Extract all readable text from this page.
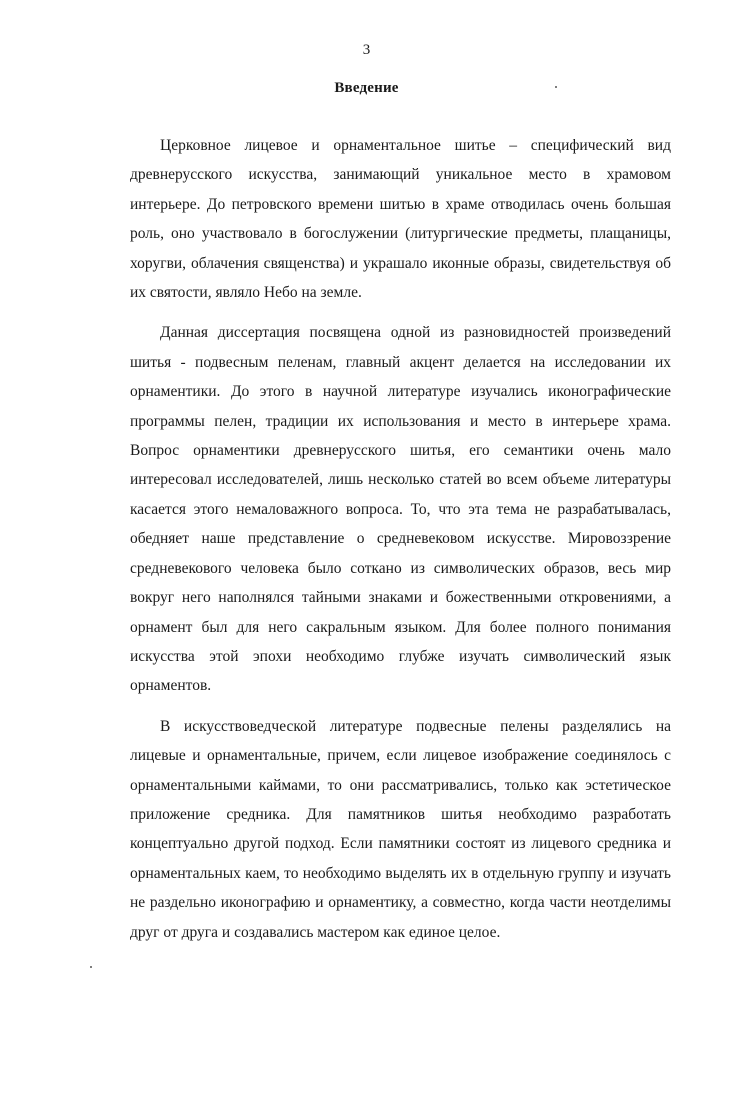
3
Введение

Церковное лицевое и орнаментальное шитье – специфический вид древнерусского искусства, занимающий уникальное место в храмовом интерьере. До петровского времени шитью в храме отводилась очень большая роль, оно участвовало в богослужении (литургические предметы, плащаницы, хоругви, облачения священства) и украшало иконные образы, свидетельствуя об их святости, являло Небо на земле.

Данная диссертация посвящена одной из разновидностей произведений шитья - подвесным пеленам, главный акцент делается на исследовании их орнаментики. До этого в научной литературе изучались иконографические программы пелен, традиции их использования и место в интерьере храма. Вопрос орнаментики древнерусского шитья, его семантики очень мало интересовал исследователей, лишь несколько статей во всем объеме литературы касается этого немаловажного вопроса. То, что эта тема не разрабатывалась, обедняет наше представление о средневековом искусстве. Мировоззрение средневекового человека было соткано из символических образов, весь мир вокруг него наполнялся тайными знаками и божественными откровениями, а орнамент был для него сакральным языком. Для более полного понимания искусства этой эпохи необходимо глубже изучать символический язык орнаментов.

В искусствоведческой литературе подвесные пелены разделялись на лицевые и орнаментальные, причем, если лицевое изображение соединялось с орнаментальными каймами, то они рассматривались, только как эстетическое приложение средника. Для памятников шитья необходимо разработать концептуально другой подход. Если памятники состоят из лицевого средника и орнаментальных каем, то необходимо выделять их в отдельную группу и изучать не раздельно иконографию и орнаментику, а совместно, когда части неотделимы друг от друга и создавались мастером как единое целое.
